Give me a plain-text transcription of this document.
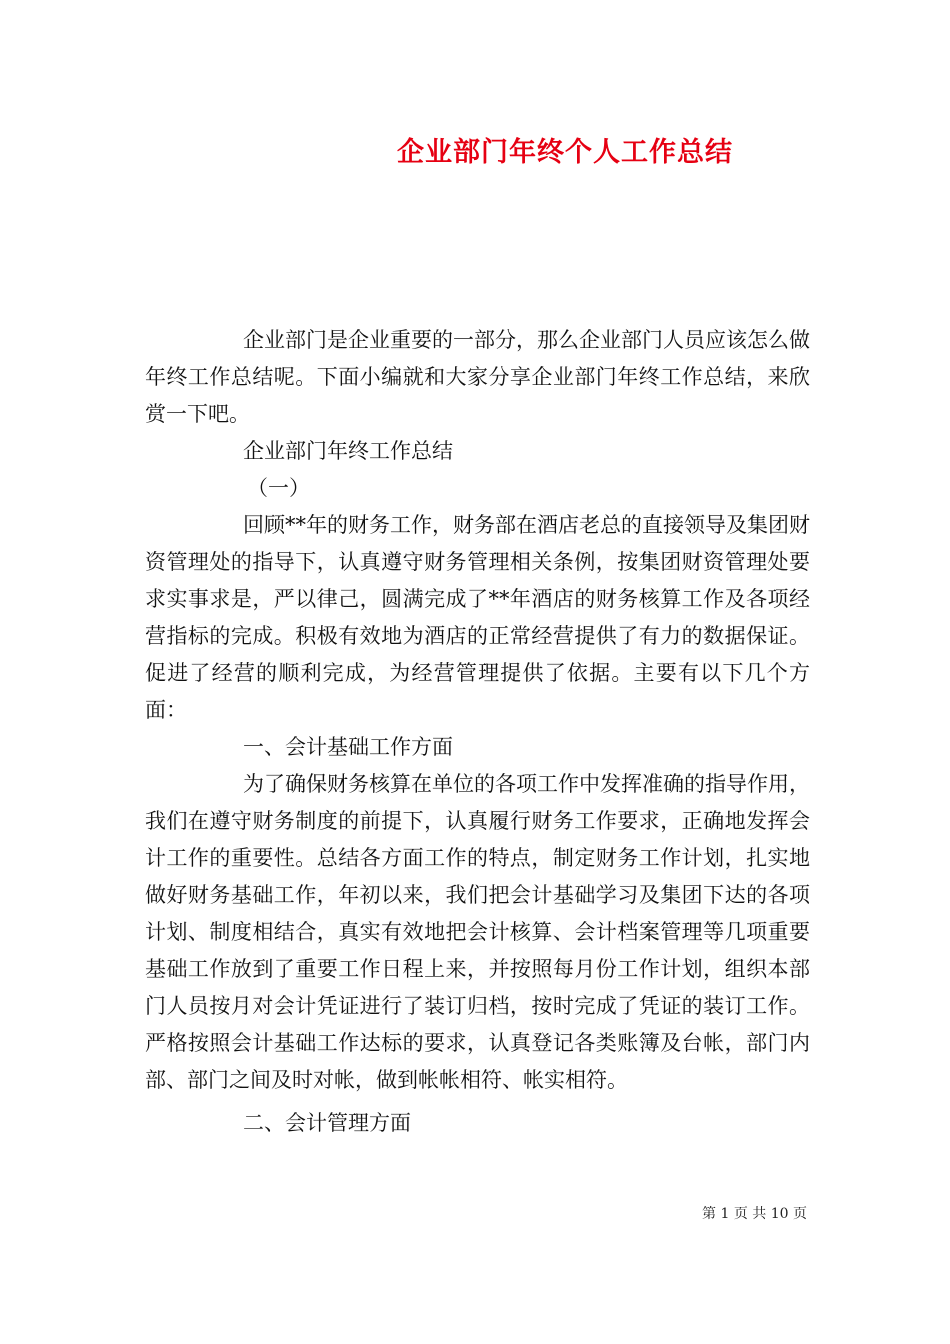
企业部门年终个人工作总结

企业部门是企业重要的一部分，那么企业部门人员应该怎么做年终工作总结呢。下面小编就和大家分享企业部门年终工作总结，来欣赏一下吧。

企业部门年终工作总结

（一）

回顾**年的财务工作，财务部在酒店老总的直接领导及集团财资管理处的指导下，认真遵守财务管理相关条例，按集团财资管理处要求实事求是，严以律己，圆满完成了**年酒店的财务核算工作及各项经营指标的完成。积极有效地为酒店的正常经营提供了有力的数据保证。促进了经营的顺利完成，为经营管理提供了依据。主要有以下几个方面：

一、会计基础工作方面

为了确保财务核算在单位的各项工作中发挥准确的指导作用，我们在遵守财务制度的前提下，认真履行财务工作要求，正确地发挥会计工作的重要性。总结各方面工作的特点，制定财务工作计划，扎实地做好财务基础工作，年初以来，我们把会计基础学习及集团下达的各项计划、制度相结合，真实有效地把会计核算、会计档案管理等几项重要基础工作放到了重要工作日程上来，并按照每月份工作计划，组织本部门人员按月对会计凭证进行了装订归档，按时完成了凭证的装订工作。严格按照会计基础工作达标的要求，认真登记各类账簿及台帐，部门内部、部门之间及时对帐，做到帐帐相符、帐实相符。

二、会计管理方面

第 1 页 共 10 页
